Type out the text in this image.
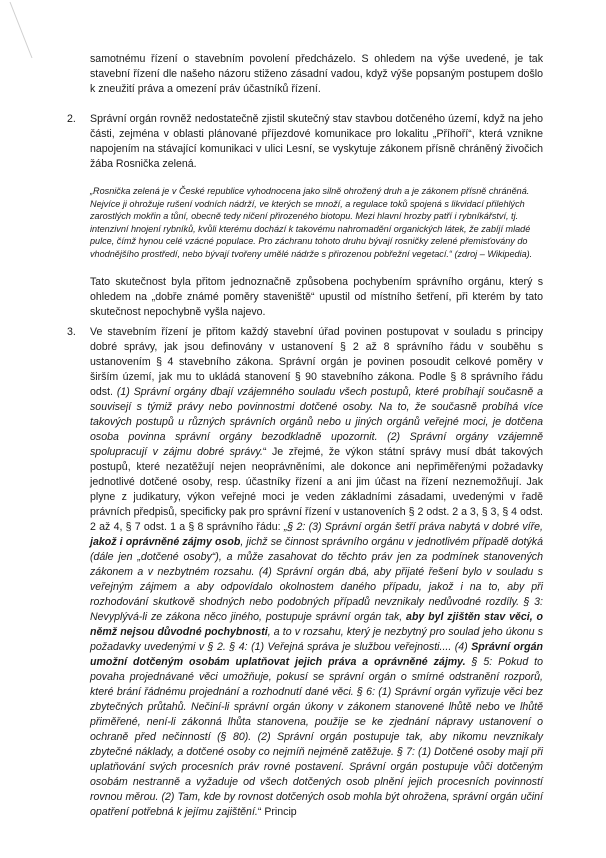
samotnému řízení o stavebním povolení předcházelo. S ohledem na výše uvedené, je tak stavební řízení dle našeho názoru stiženo zásadní vadou, když výše popsaným postupem došlo k zneužití práva a omezení práv účastníků řízení.
2. Správní orgán rovněž nedostatečně zjistil skutečný stav stavbou dotčeného území, když na jeho části, zejména v oblasti plánované příjezdové komunikace pro lokalitu „Příhoří“, která vznikne napojením na stávající komunikaci v ulici Lesní, se vyskytuje zákonem přísně chráněný živočich žába Rosnička zelená.
„Rosnička zelená je v České republice vyhodnocena jako silně ohrožený druh a je zákonem přísně chráněná. Nejvíce ji ohrožuje rušení vodních nádrží, ve kterých se množí, a regulace toků spojená s likvidací přilehlých zarostlých mokřin a tůní, obecně tedy ničení přirozeného biotopu. Mezi hlavní hrozby patří i rybníkářství, tj. intenzivní hnojení rybníků, kvůli kterému dochází k takovému nahromadění organických látek, že zabíjí mladé pulce, čímž hynou celé vzácné populace. Pro záchranu tohoto druhu bývají rosničky zelené přemisťovány do vhodnějšího prostředí, nebo bývají tvořeny umělé nádrže s přirozenou pobřežní vegetací.“ (zdroj – Wikipedia).
Tato skutečnost byla přitom jednoznačně způsobena pochybením správního orgánu, který s ohledem na „dobře známé poměry staveniště“ upustil od místního šetření, při kterém by tato skutečnost nepochybně vyšla najevo.
3. Ve stavebním řízení je přitom každý stavební úřad povinen postupovat v souladu s principy dobré správy, jak jsou definovány v ustanovení § 2 až 8 správního řádu v souběhu s ustanovením § 4 stavebního zákona. Správní orgán je povinen posoudit celkové poměry v širším území, jak mu to ukládá stanovení § 90 stavebního zákona. Podle § 8 správního řádu odst. (1) Správní orgány dbají vzájemného souladu všech postupů, které probíhají současně a souvisejí s týmiž právy nebo povinnostmi dotčené osoby. Na to, že současně probíhá více takových postupů u různých správních orgánů nebo u jiných orgánů veřejné moci, je dotčena osoba povinna správní orgány bezodkladně upozornit. (2) Správní orgány vzájemně spolupracují v zájmu dobré správy.“ Je zřejmé, že výkon státní správy musí dbát takových postupů, které nezatěžují nejen neoprávněními, ale dokonce ani nepřiměřenými požadavky jednotlivé dotčené osoby, resp. účastníky řízení a ani jim účast na řízení neznemožňují. Jak plyne z judikatury, výkon veřejné moci je veden základními zásadami, uvedenými v řadě právních předpisů, specificky pak pro správní řízení v ustanoveních § 2 odst. 2 a 3, § 3, § 4 odst. 2 až 4, § 7 odst. 1 a § 8 správního řádu: „§ 2: (3) Správní orgán šetří práva nabytá v dobré víře, jakož i oprávněné zájmy osob, jichž se činnost správního orgánu v jednotlivém případě dotýká (dále jen „dotčené osoby“), a může zasahovat do těchto práv jen za podmínek stanovených zákonem a v nezbytném rozsahu. (4) Správní orgán dbá, aby přijaté řešení bylo v souladu s veřejným zájmem a aby odpovídalo okolnostem daného případu, jakož i na to, aby při rozhodování skutkově shodných nebo podobných případů nevznikaly nedůvodné rozdíly. § 3: Nevyplývá-li ze zákona něco jiného, postupuje správní orgán tak, aby byl zjištěn stav věci, o němž nejsou důvodné pochybnosti, a to v rozsahu, který je nezbytný pro soulad jeho úkonu s požadavky uvedenými v § 2. § 4: (1) Veřejná správa je službou veřejnosti.... (4) Správní orgán umožní dotčeným osobám uplatňovat jejich práva a oprávněné zájmy. § 5: Pokud to povaha projednávané věci umožňuje, pokusí se správní orgán o smírné odstranění rozporů, které brání řádnému projednání a rozhodnutí dané věci. § 6: (1) Správní orgán vyřizuje věci bez zbytečných průtahů. Nečiní-li správní orgán úkony v zákonem stanovené lhůtě nebo ve lhůtě přiměřené, není-li zákonná lhůta stanovena, použije se ke zjednání nápravy ustanovení o ochraně před nečinností (§ 80). (2) Správní orgán postupuje tak, aby nikomu nevznikaly zbytečné náklady, a dotčené osoby co nejmíň nejméně zatěžuje. § 7: (1) Dotčené osoby mají při uplatňování svých procesních práv rovné postavení. Správní orgán postupuje vůči dotčeným osobám nestranně a vyžaduje od všech dotčených osob plnění jejich procesních povinností rovnou měrou. (2) Tam, kde by rovnost dotčených osob mohla být ohrožena, správní orgán učiní opatření potřebná k jejímu zajištění.“ Princip
